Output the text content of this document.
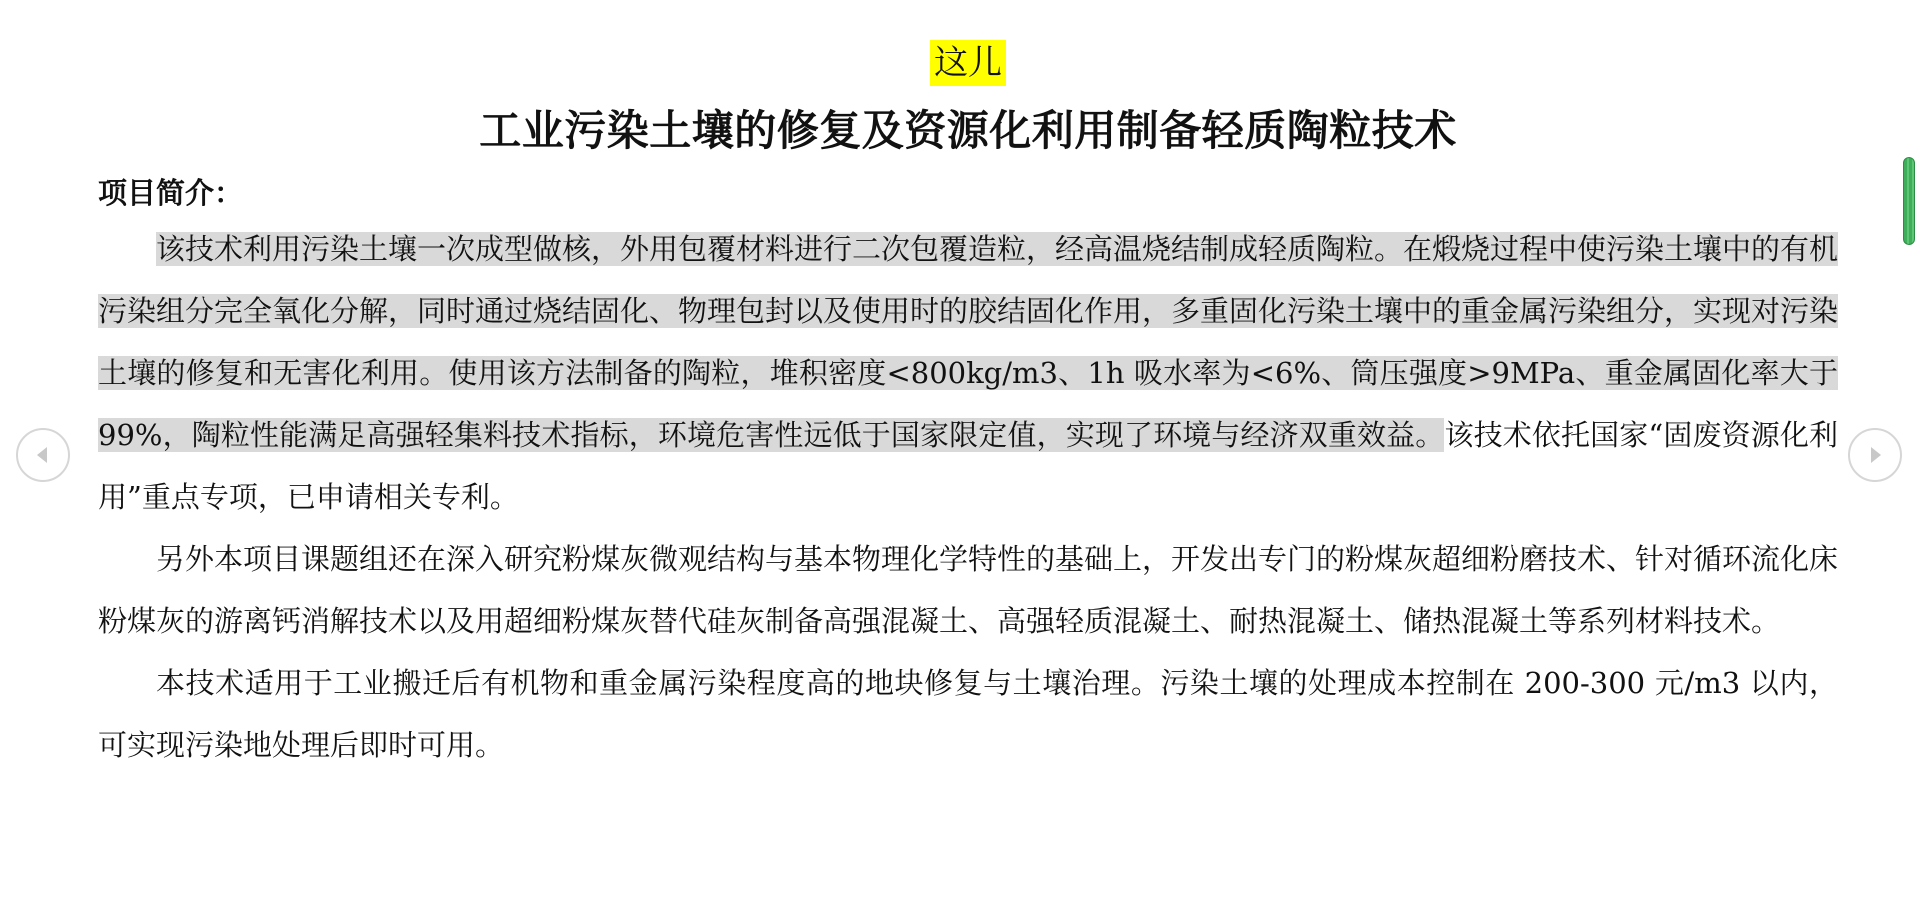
这儿
工业污染土壤的修复及资源化利用制备轻质陶粒技术
项目简介：

该技术利用污染土壤一次成型做核，外用包覆材料进行二次包覆造粒，经高温烧结制成轻质陶粒。在煅烧过程中使污染土壤中的有机污染组分完全氧化分解，同时通过烧结固化、物理包封以及使用时的胶结固化作用，多重固化污染土壤中的重金属污染组分，实现对污染土壤的修复和无害化利用。使用该方法制备的陶粒，堆积密度<800kg/m3、1h 吸水率为<6%、筒压强度>9MPa、重金属固化率大于 99%，陶粒性能满足高强轻集料技术指标，环境危害性远低于国家限定值，实现了环境与经济双重效益。该技术依托国家“固废资源化利用”重点专项，已申请相关专利。

另外本项目课题组还在深入研究粉煤灰微观结构与基本物理化学特性的基础上，开发出专门的粉煤灰超细粉磨技术、针对循环流化床粉煤灰的游离钙消解技术以及用超细粉煤灰替代硅灰制备高强混凝土、高强轻质混凝土、耐热混凝土、储热混凝土等系列材料技术。

本技术适用于工业搬迁后有机物和重金属污染程度高的地块修复与土壤治理。污染土壤的处理成本控制在 200-300 元/m3 以内，可实现污染地处理后即时可用。
